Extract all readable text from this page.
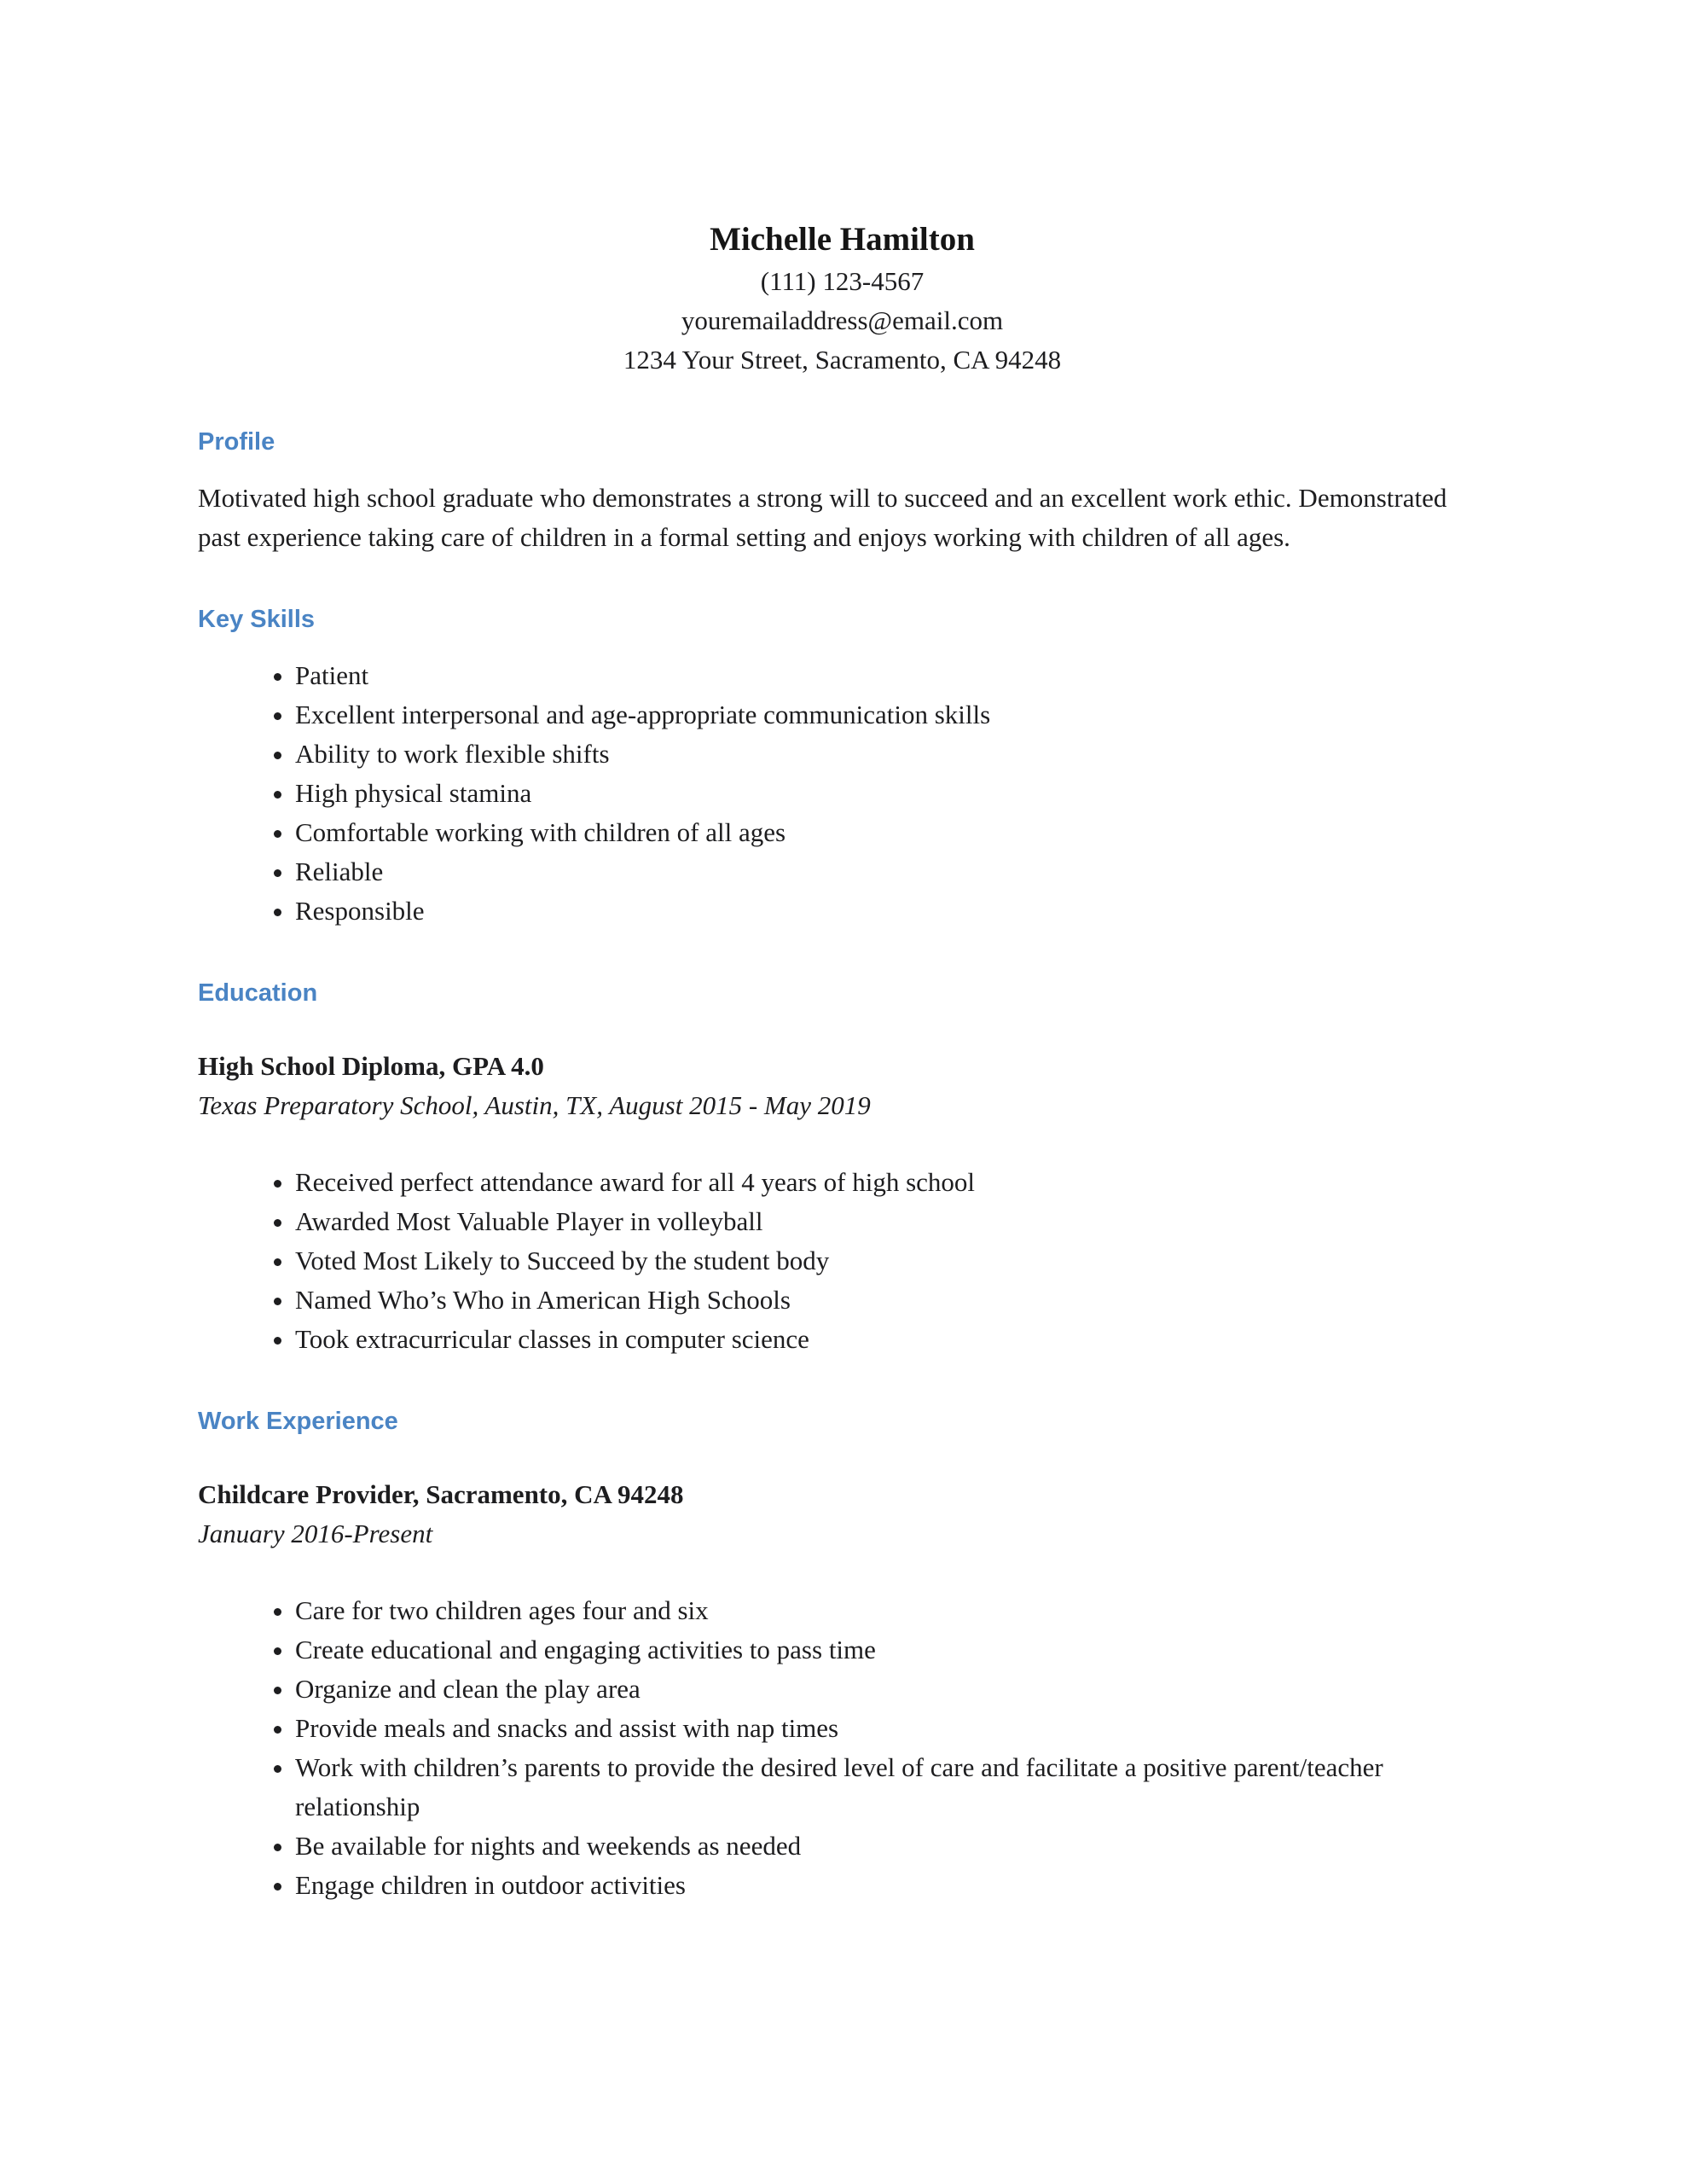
Michelle Hamilton
(111) 123-4567
youremailaddress@email.com
1234 Your Street, Sacramento, CA 94248
Profile

Motivated high school graduate who demonstrates a strong will to succeed and an excellent work ethic. Demonstrated past experience taking care of children in a formal setting and enjoys working with children of all ages.

Key Skills
• Patient
• Excellent interpersonal and age-appropriate communication skills
• Ability to work flexible shifts
• High physical stamina
• Comfortable working with children of all ages
• Reliable
• Responsible
Education

High School Diploma, GPA 4.0

Texas Preparatory School, Austin, TX, August 2015 - May 2019

• Received perfect attendance award for all 4 years of high school
• Awarded Most Valuable Player in volleyball
• Voted Most Likely to Succeed by the student body
• Named Who’s Who in American High Schools
• Took extracurricular classes in computer science
Work Experience

Childcare Provider, Sacramento, CA 94248

January 2016-Present

• Care for two children ages four and six
• Create educational and engaging activities to pass time
• Organize and clean the play area
• Provide meals and snacks and assist with nap times
• Work with children’s parents to provide the desired level of care and facilitate a positive parent/teacher relationship
• Be available for nights and weekends as needed
• Engage children in outdoor activities
